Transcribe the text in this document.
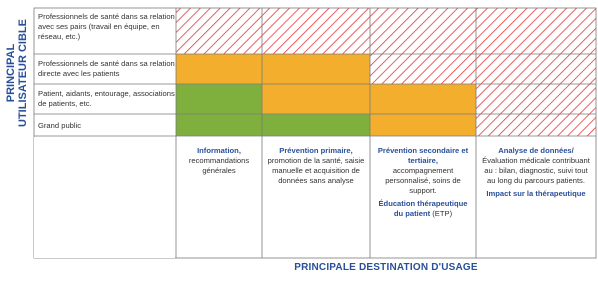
PRINCIPAL UTILISATEUR CIBLE
Professionnels de santé dans sa relation avec ses pairs (travail en équipe, en réseau, etc.)
Professionnels de santé dans sa relation directe avec les patients
Patient, aidants, entourage, associations de patients, etc.
Grand public
Information,
recommandations générales
Prévention primaire,
promotion de la santé, saisie manuelle et acquisition de données sans analyse
Prévention secondaire et tertiaire,
accompagnement personnalisé, soins de support.
Éducation thérapeutique du patient (ETP)
Analyse de données/
Évaluation médicale contribuant au : bilan, diagnostic, suivi tout au long du parcours patients.
Impact sur la thérapeutique
PRINCIPALE DESTINATION D'USAGE
